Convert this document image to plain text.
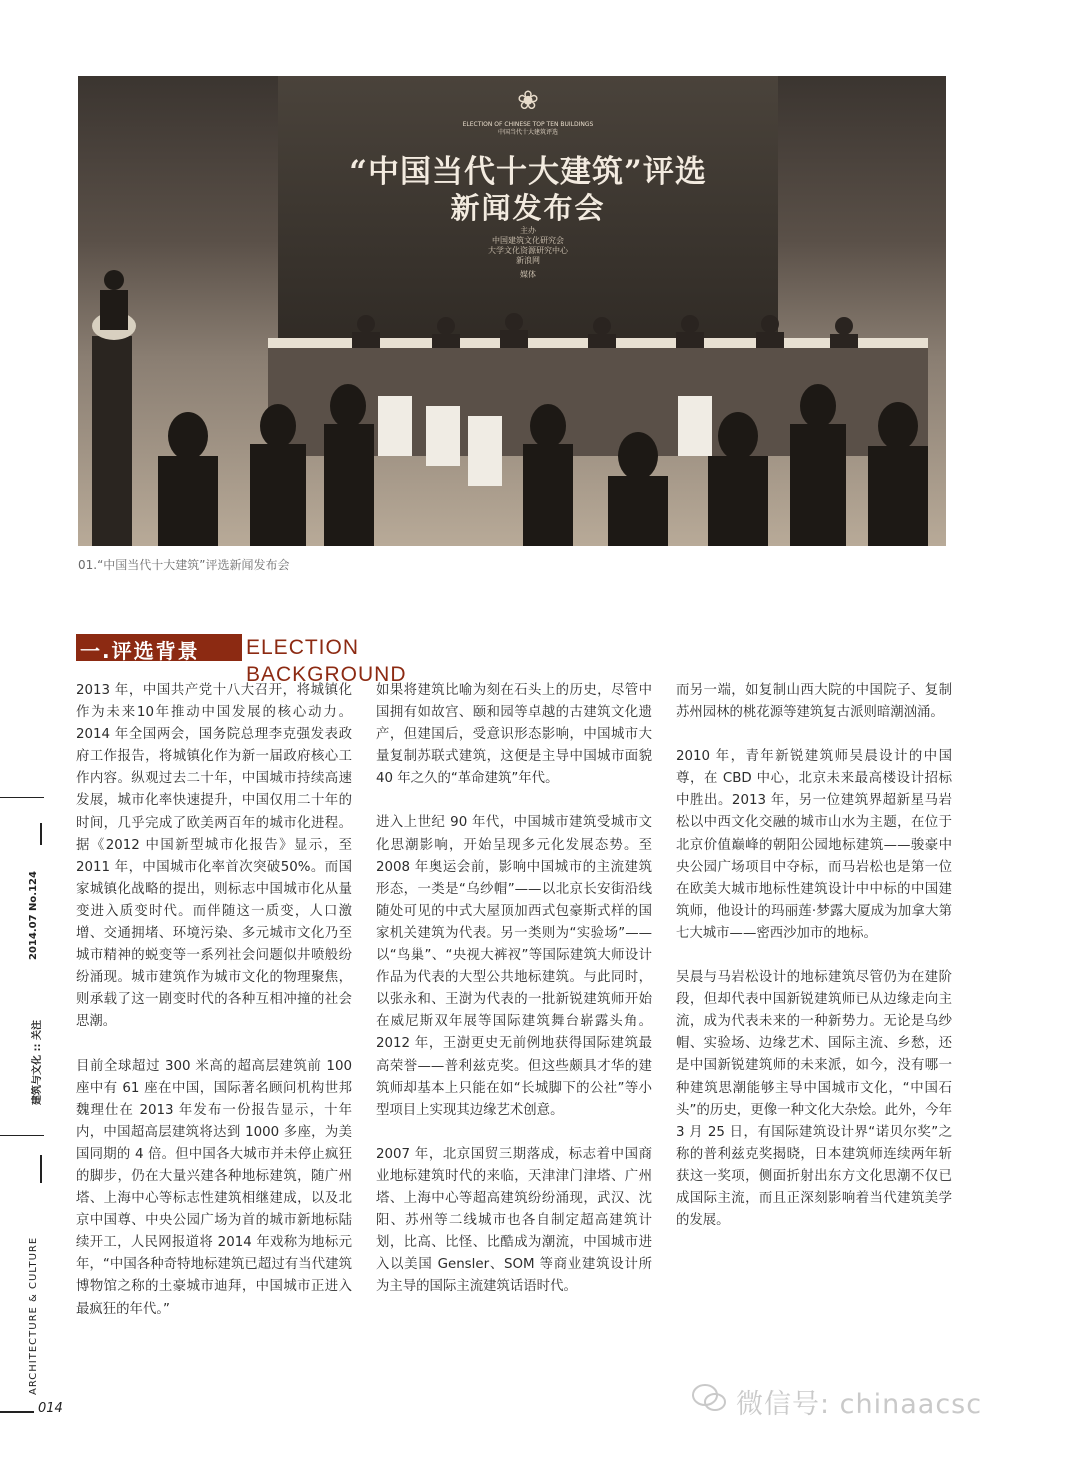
❀
ELECTION OF CHINESE TOP TEN BUILDINGS
中国当代十大建筑评选
“中国当代十大建筑”评选
新闻发布会
主办
中国建筑文化研究会
大学文化资源研究中心
新浪网
媒体
01.“中国当代十大建筑”评选新闻发布会
一.评选背景 ELECTION BACKGROUND

2013 年，中国共产党十八大召开，将城镇化作为未来10年推动中国发展的核心动力。2014 年全国两会，国务院总理李克强发表政府工作报告，将城镇化作为新一届政府核心工作内容。纵观过去二十年，中国城市持续高速发展，城市化率快速提升，中国仅用二十年的时间，几乎完成了欧美两百年的城市化进程。据《2012 中国新型城市化报告》显示，至 2011 年，中国城市化率首次突破50%。而国家城镇化战略的提出，则标志中国城市化从量变进入质变时代。而伴随这一质变，人口激增、交通拥堵、环境污染、多元城市文化乃至城市精神的蜕变等一系列社会问题似井喷般纷纷涌现。城市建筑作为城市文化的物理聚焦，则承载了这一剧变时代的各种互相冲撞的社会思潮。

目前全球超过 300 米高的超高层建筑前 100 座中有 61 座在中国，国际著名顾问机构世邦魏理仕在 2013 年发布一份报告显示，十年内，中国超高层建筑将达到 1000 多座，为美国同期的 4 倍。但中国各大城市并未停止疯狂的脚步，仍在大量兴建各种地标建筑，随广州塔、上海中心等标志性建筑相继建成，以及北京中国尊、中央公园广场为首的城市新地标陆续开工，人民网报道将 2014 年戏称为地标元年，“中国各种奇特地标建筑已超过有当代建筑博物馆之称的土豪城市迪拜，中国城市正进入最疯狂的年代。”

如果将建筑比喻为刻在石头上的历史，尽管中国拥有如故宫、颐和园等卓越的古建筑文化遗产，但建国后，受意识形态影响，中国城市大量复制苏联式建筑，这便是主导中国城市面貌 40 年之久的“革命建筑”年代。

进入上世纪 90 年代，中国城市建筑受城市文化思潮影响，开始呈现多元化发展态势。至 2008 年奥运会前，影响中国城市的主流建筑形态，一类是“乌纱帽”——以北京长安街沿线随处可见的中式大屋顶加西式包豪斯式样的国家机关建筑为代表。另一类则为“实验场”——以“鸟巢”、“央视大裤衩”等国际建筑大师设计作品为代表的大型公共地标建筑。与此同时，以张永和、王澍为代表的一批新锐建筑师开始在威尼斯双年展等国际建筑舞台崭露头角。2012 年，王澍更史无前例地获得国际建筑最高荣誉——普利兹克奖。但这些颇具才华的建筑师却基本上只能在如“长城脚下的公社”等小型项目上实现其边缘艺术创意。

2007 年，北京国贸三期落成，标志着中国商业地标建筑时代的来临，天津津门津塔、广州塔、上海中心等超高建筑纷纷涌现，武汉、沈阳、苏州等二线城市也各自制定超高建筑计划，比高、比怪、比酷成为潮流，中国城市进入以美国 Gensler、SOM 等商业建筑设计所为主导的国际主流建筑话语时代。

而另一端，如复制山西大院的中国院子、复制苏州园林的桃花源等建筑复古派则暗潮汹涌。

2010 年，青年新锐建筑师吴晨设计的中国尊，在 CBD 中心，北京未来最高楼设计招标中胜出。2013 年，另一位建筑界超新星马岩松以中西文化交融的城市山水为主题，在位于北京价值巅峰的朝阳公园地标建筑——骏豪中央公园广场项目中夺标，而马岩松也是第一位在欧美大城市地标性建筑设计中中标的中国建筑师，他设计的玛丽莲·梦露大厦成为加拿大第七大城市——密西沙加市的地标。

吴晨与马岩松设计的地标建筑尽管仍为在建阶段，但却代表中国新锐建筑师已从边缘走向主流，成为代表未来的一种新势力。无论是乌纱帽、实验场、边缘艺术、国际主流、乡愁，还是中国新锐建筑师的未来派，如今，没有哪一种建筑思潮能够主导中国城市文化，“中国石头”的历史，更像一种文化大杂烩。此外，今年 3 月 25 日，有国际建筑设计界“诺贝尔奖”之称的普利兹克奖揭晓，日本建筑师连续两年斩获这一奖项，侧面折射出东方文化思潮不仅已成国际主流，而且正深刻影响着当代建筑美学的发展。

2014.07 No.124
建筑与文化 :: 关注
ARCHITECTURE & CULTURE
014	微信号: chinaacsc
